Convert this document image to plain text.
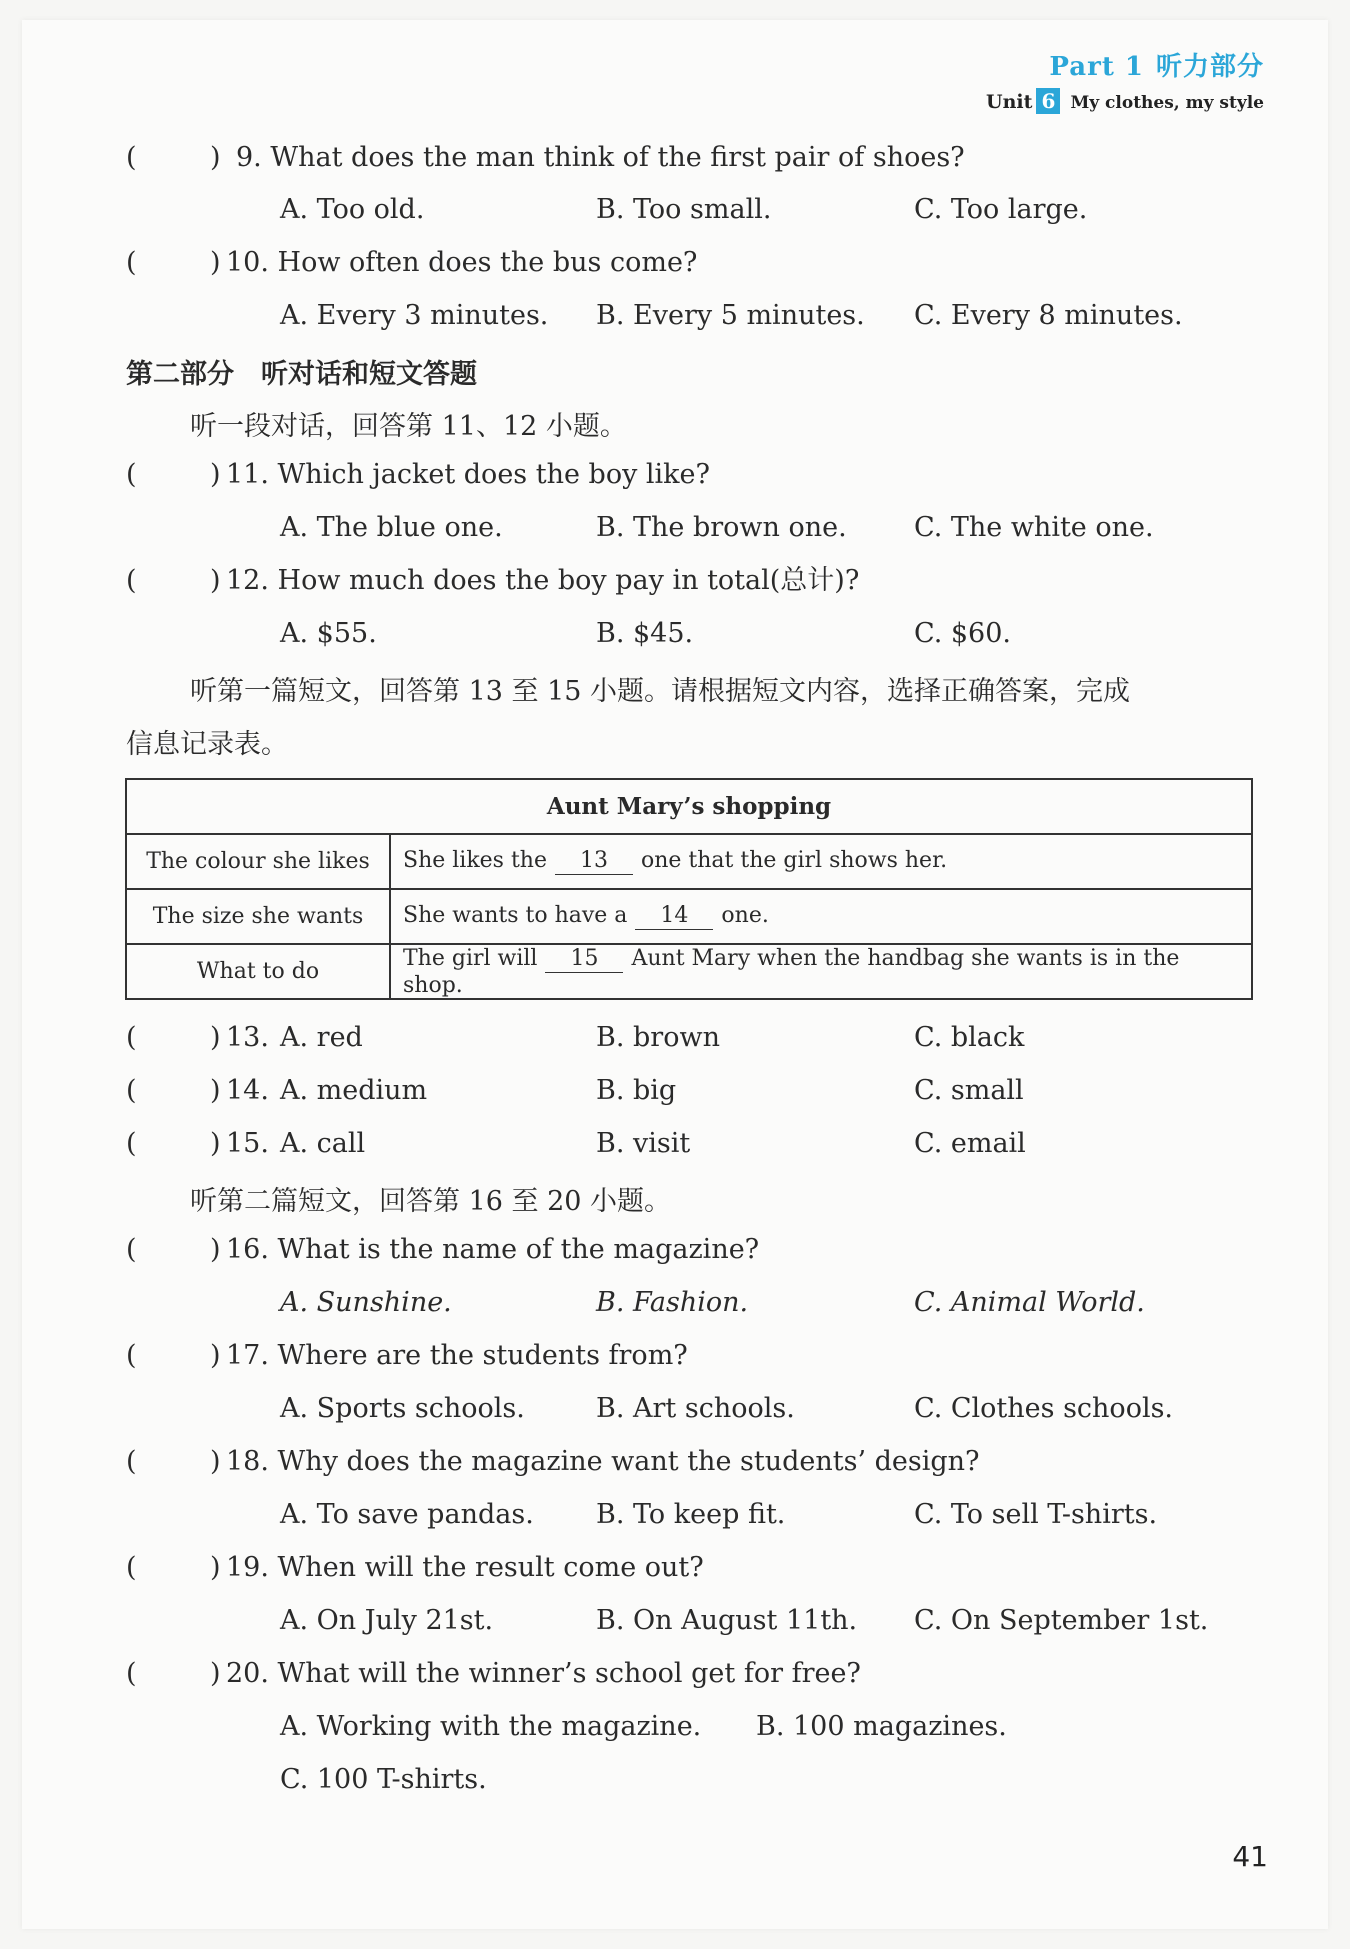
Part 1 听力部分
Unit 6 My clothes, my style
(	) 9. What does the man think of the first pair of shoes?
A. Too old.	B. Too small.	C. Too large.
(	) 10. How often does the bus come?
A. Every 3 minutes. B. Every 5 minutes. C. Every 8 minutes.
第二部分　听对话和短文答题
听一段对话，回答第 11、12 小题。
(	) 11. Which jacket does the boy like?
A. The blue one.	B. The brown one. C. The white one.
(	) 12. How much does the boy pay in total(总计)?
A. $55.	B. $45.	C. $60.
听第一篇短文，回答第 13 至 15 小题。请根据短文内容，选择正确答案，完成
信息记录表。
Aunt Mary’s shopping	
The colour she likes	She likes the 13 one that the girl shows her.
The size she wants	She wants to have a 14 one.
What to do	The girl will 15 Aunt Mary when the handbag she wants is in the shop.
(	) 13. A. red	B. brown	C. black
(	) 14. A. medium	B. big	C. small
(	) 15. A. call	B. visit	C. email
听第二篇短文，回答第 16 至 20 小题。
(	) 16. What is the name of the magazine?
A. Sunshine.	B. Fashion.	C. Animal World.
(	) 17. Where are the students from?
A. Sports schools.	B. Art schools.	C. Clothes schools.
(	) 18. Why does the magazine want the students’ design?
A. To save pandas. B. To keep fit.	C. To sell T-shirts.
(	) 19. When will the result come out?
A. On July 21st.	B. On August 11th. C. On September 1st.
(	) 20. What will the winner’s school get for free?
A. Working with the magazine. B. 100 magazines.
C. 100 T-shirts.
41
